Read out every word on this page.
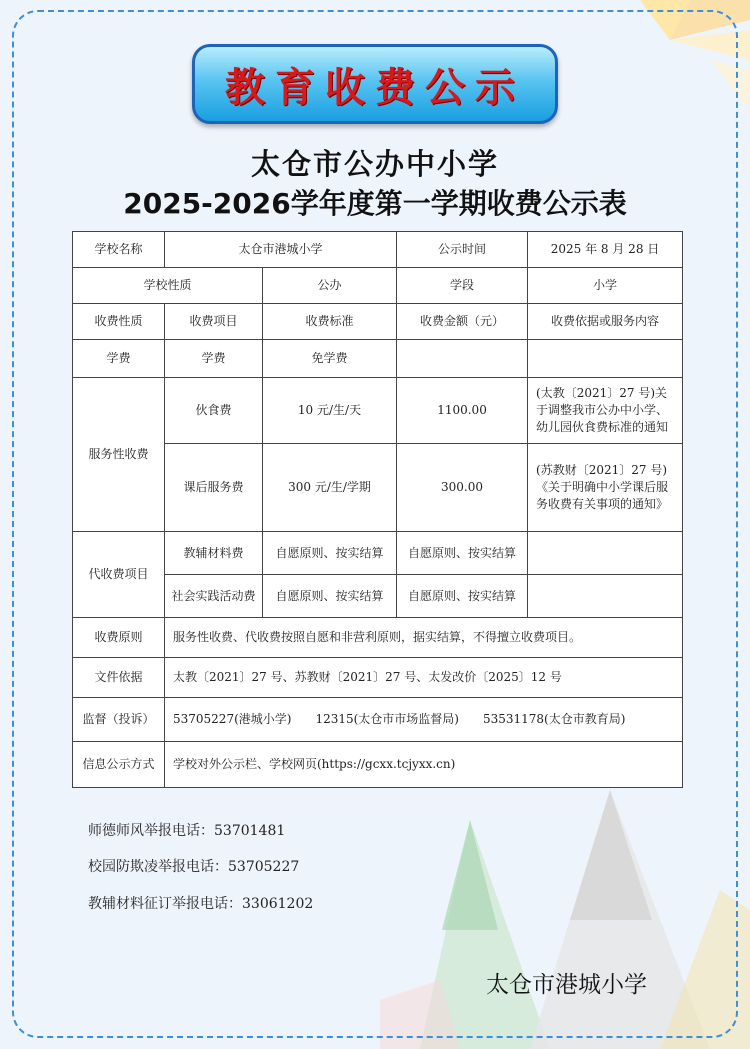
教育收费公示
太仓市公办中小学
2025-2026学年度第一学期收费公示表
学校名称	太仓市港城小学		公示时间	2025 年 8 月 28 日
学校性质		公办	学段	小学
收费性质	收费项目	收费标准	收费金额（元）	收费依据或服务内容
学费	学费	免学费		
服务性收费	伙食费	10 元/生/天	1100.00	(太教〔2021〕27 号)关于调整我市公办中小学、幼儿园伙食费标准的通知
	课后服务费	300 元/生/学期	300.00	(苏教财〔2021〕27 号)《关于明确中小学课后服务收费有关事项的通知》
代收费项目	教辅材料费	自愿原则、按实结算	自愿原则、按实结算	
	社会实践活动费	自愿原则、按实结算	自愿原则、按实结算	
收费原则	服务性收费、代收费按照自愿和非营利原则，据实结算，不得擅立收费项目。			
文件依据	太教〔2021〕27 号、苏教财〔2021〕27 号、太发改价〔2025〕12 号			
监督（投诉）	53705227(港城小学)　　12315(太仓市市场监督局)　　53531178(太仓市教育局)			
信息公示方式	学校对外公示栏、学校网页(https://gcxx.tcjyxx.cn)			
师德师风举报电话：53701481
校园防欺凌举报电话：53705227
教辅材料征订举报电话：33061202
太仓市港城小学
